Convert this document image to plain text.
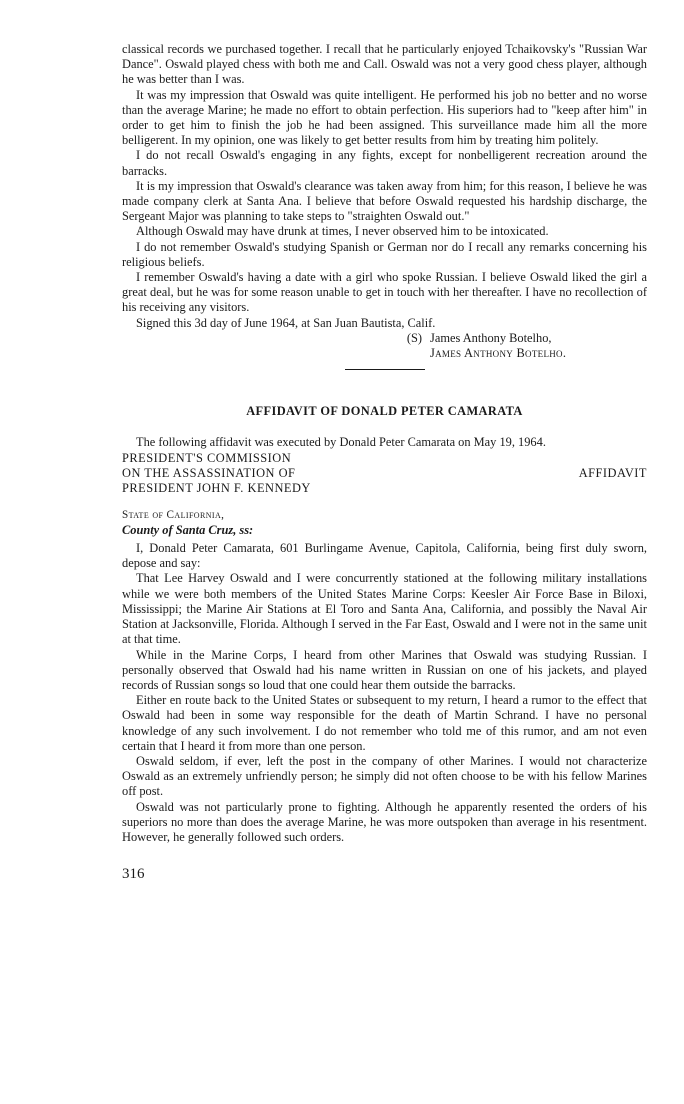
classical records we purchased together. I recall that he particularly enjoyed Tchaikovsky's "Russian War Dance". Oswald played chess with both me and Call. Oswald was not a very good chess player, although he was better than I was.

It was my impression that Oswald was quite intelligent. He performed his job no better and no worse than the average Marine; he made no effort to obtain perfection. His superiors had to "keep after him" in order to get him to finish the job he had been assigned. This surveillance made him all the more belligerent. In my opinion, one was likely to get better results from him by treating him politely.

I do not recall Oswald's engaging in any fights, except for nonbelligerent recreation around the barracks.

It is my impression that Oswald's clearance was taken away from him; for this reason, I believe he was made company clerk at Santa Ana. I believe that before Oswald requested his hardship discharge, the Sergeant Major was planning to take steps to "straighten Oswald out."

Although Oswald may have drunk at times, I never observed him to be intoxicated.

I do not remember Oswald's studying Spanish or German nor do I recall any remarks concerning his religious beliefs.

I remember Oswald's having a date with a girl who spoke Russian. I believe Oswald liked the girl a great deal, but he was for some reason unable to get in touch with her thereafter. I have no recollection of his receiving any visitors.

Signed this 3d day of June 1964, at San Juan Bautista, Calif.

(S) James Anthony Botelho,
James Anthony Botelho.
AFFIDAVIT OF DONALD PETER CAMARATA

The following affidavit was executed by Donald Peter Camarata on May 19, 1964.

PRESIDENT'S COMMISSION
ON THE ASSASSINATION OF
PRESIDENT JOHN F. KENNEDY
AFFIDAVIT
State of California,
County of Santa Cruz, ss:

I, Donald Peter Camarata, 601 Burlingame Avenue, Capitola, California, being first duly sworn, depose and say:

That Lee Harvey Oswald and I were concurrently stationed at the following military installations while we were both members of the United States Marine Corps: Keesler Air Force Base in Biloxi, Mississippi; the Marine Air Stations at El Toro and Santa Ana, California, and possibly the Naval Air Station at Jacksonville, Florida. Although I served in the Far East, Oswald and I were not in the same unit at that time.

While in the Marine Corps, I heard from other Marines that Oswald was studying Russian. I personally observed that Oswald had his name written in Russian on one of his jackets, and played records of Russian songs so loud that one could hear them outside the barracks.

Either en route back to the United States or subsequent to my return, I heard a rumor to the effect that Oswald had been in some way responsible for the death of Martin Schrand. I have no personal knowledge of any such involvement. I do not remember who told me of this rumor, and am not even certain that I heard it from more than one person.

Oswald seldom, if ever, left the post in the company of other Marines. I would not characterize Oswald as an extremely unfriendly person; he simply did not often choose to be with his fellow Marines off post.

Oswald was not particularly prone to fighting. Although he apparently resented the orders of his superiors no more than does the average Marine, he was more outspoken than average in his resentment. However, he generally followed such orders.

316
